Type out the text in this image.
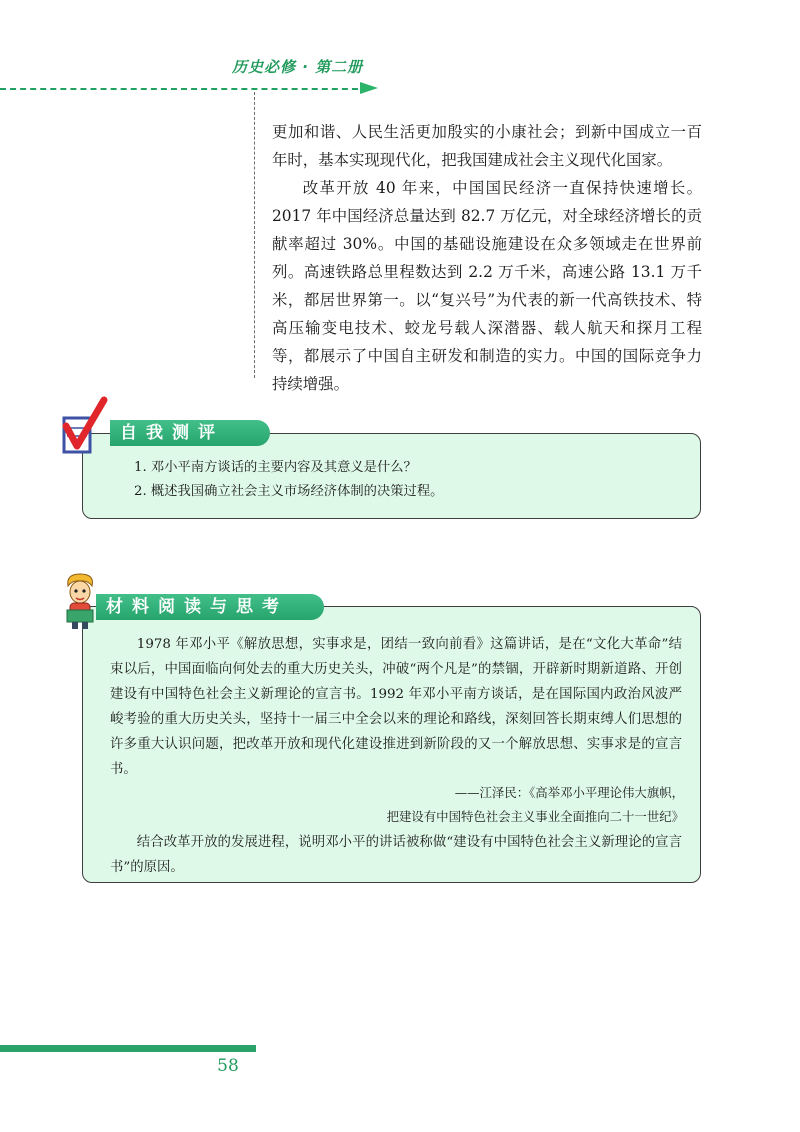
历史必修 · 第二册

更加和谐、人民生活更加殷实的小康社会；到新中国成立一百年时，基本实现现代化，把我国建成社会主义现代化国家。

改革开放 40 年来，中国国民经济一直保持快速增长。2017 年中国经济总量达到 82.7 万亿元，对全球经济增长的贡献率超过 30%。中国的基础设施建设在众多领域走在世界前列。高速铁路总里程数达到 2.2 万千米，高速公路 13.1 万千米，都居世界第一。以“复兴号”为代表的新一代高铁技术、特高压输变电技术、蛟龙号载人深潜器、载人航天和探月工程等，都展示了中国自主研发和制造的实力。中国的国际竞争力持续增强。

自我测评
1. 邓小平南方谈话的主要内容及其意义是什么？
2. 概述我国确立社会主义市场经济体制的决策过程。
材料阅读与思考

1978 年邓小平《解放思想，实事求是，团结一致向前看》这篇讲话，是在“文化大革命”结束以后，中国面临向何处去的重大历史关头，冲破“两个凡是”的禁锢，开辟新时期新道路、开创建设有中国特色社会主义新理论的宣言书。1992 年邓小平南方谈话，是在国际国内政治风波严峻考验的重大历史关头，坚持十一届三中全会以来的理论和路线，深刻回答长期束缚人们思想的许多重大认识问题，把改革开放和现代化建设推进到新阶段的又一个解放思想、实事求是的宣言书。

——江泽民：《高举邓小平理论伟大旗帜，
把建设有中国特色社会主义事业全面推向二十一世纪》

结合改革开放的发展进程，说明邓小平的讲话被称做“建设有中国特色社会主义新理论的宣言书”的原因。

58
